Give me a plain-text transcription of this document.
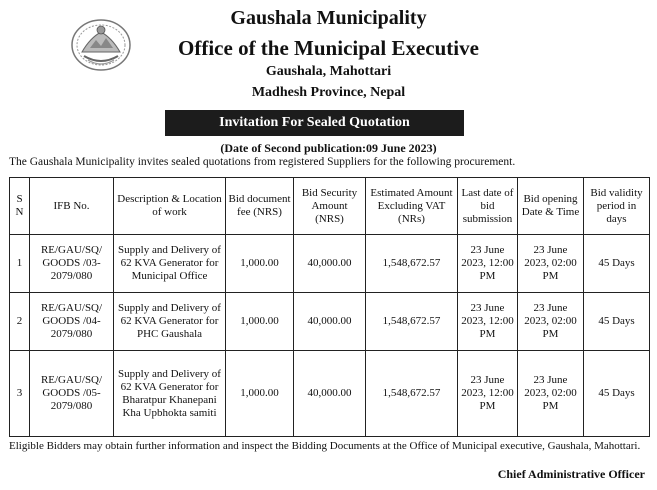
Gaushala Municipality
Office of the Municipal Executive
Gaushala, Mahottari
Madhesh Province, Nepal
Invitation For Sealed Quotation
(Date of Second publication:09 June 2023)
The Gaushala Municipality invites sealed quotations from registered Suppliers for the following procurement.
S N	IFB No.	Description & Location of work	Bid document fee (NRS)	Bid Security Amount (NRS)	Estimated Amount Excluding VAT (NRs)	Last date of bid submission	Bid opening Date & Time	Bid validity period in days
1	RE/GAU/SQ/ GOODS /03-2079/080	Supply and Delivery of 62 KVA Generator for Municipal Office	1,000.00	40,000.00	1,548,672.57	23 June 2023, 12:00 PM	23 June 2023, 02:00 PM	45 Days
2	RE/GAU/SQ/ GOODS /04-2079/080	Supply and Delivery of 62 KVA Generator for PHC Gaushala	1,000.00	40,000.00	1,548,672.57	23 June 2023, 12:00 PM	23 June 2023, 02:00 PM	45 Days
3	RE/GAU/SQ/ GOODS /05-2079/080	Supply and Delivery of 62 KVA Generator for Bharatpur Khanepani Kha Upbhokta samiti	1,000.00	40,000.00	1,548,672.57	23 June 2023, 12:00 PM	23 June 2023, 02:00 PM	45 Days
Eligible Bidders may obtain further information and inspect the Bidding Documents at the Office of Municipal executive, Gaushala, Mahottari.
Chief Administrative Officer
